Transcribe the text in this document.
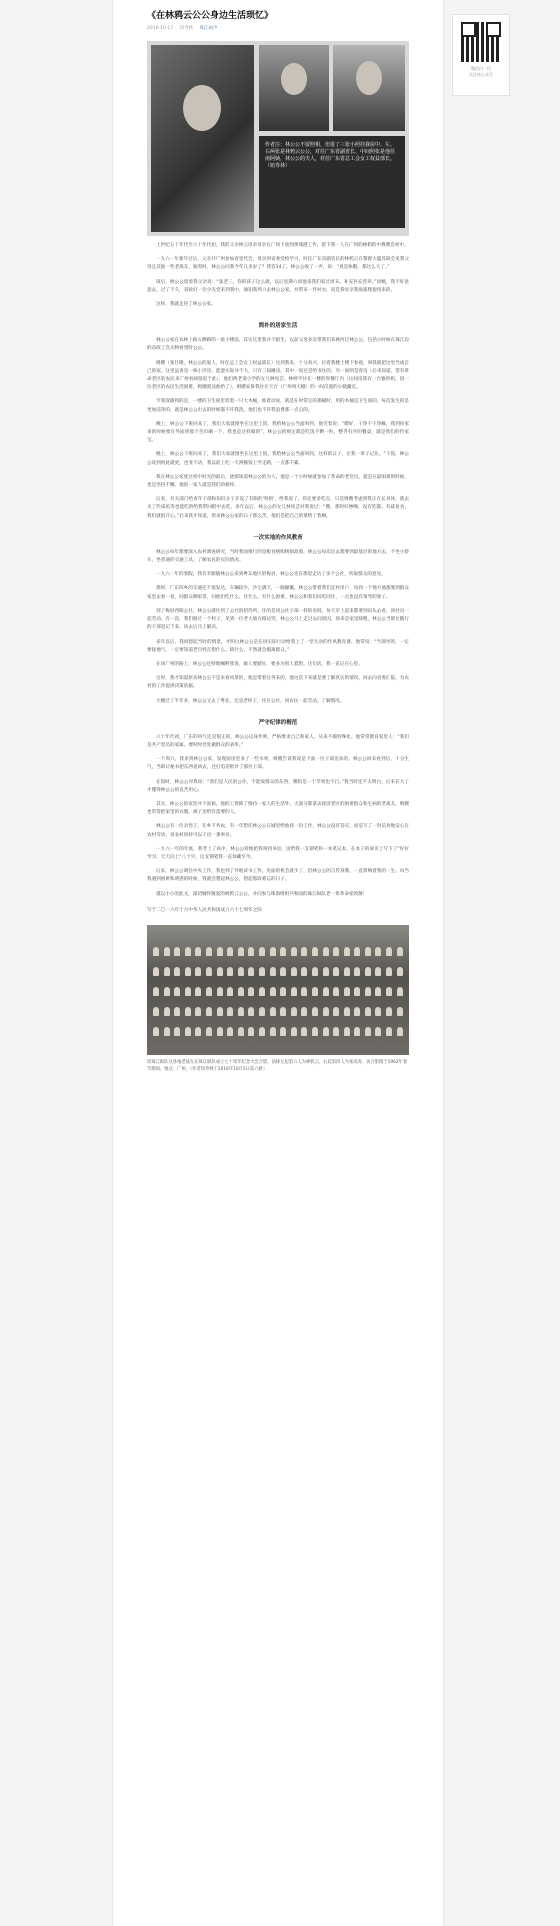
《在林鸦云公公身边生活琐忆》
2016-10-17 钮寿林 珠江画声
作者注：林公公不留照相，但进了三张小照挂我屋中。左、右两张是林鸦云公公，对任广东省副省长、中间照张是他任南阿姨，林公公的夫人，对任广东省总工会女工权益部长。（钮寿林）

上世纪五十年代至六十年代初，我的父亲林云母亲母亲在广州下放到黄埔港工作，留下我一人在广州的林鸦的中教教会初中。

一九六一年新年过后，父亲开广州参加省党代会，母亲到省委党校学习，时任广东省副省长的林鸦云在黎群大厦苏联会见我父母且其他一些老战友，脑突时，林公公问我今年几多岁了？我答14了，林公公收了一声，说：“真是休暇，都这么大了。”

饭后，林公公留着我父亲说：“张老三，你的孩子这么做，以后星期六同他来我们家过周末，补充补充营养。”同她，我不好意思去，过了不久，省政府一位少先党来到我中，通知我周六去林公公家，并带来一件衬衣，说是我母亲我海浦爬抱用来的。

这样，我就走进了林公公家。

简朴的居家生活

林公公家在农林上路五横路的一座小楼前，其实这里我并不陌生，以前父母多次带我们来林西过林公公，包括小时候在珠江边的省政工会关物看望时公公。

姆嫂（张仕隆，林公公的爱人，时任总工会女工权益部长）这到我来，十分高兴，拉着我楼上楼下参观，叫我就把这里当成自己的家。这里虽说是一栋小洋房，能蛮实际并不大，只有三间睡房，其中一间还是给书住的，另一间则是客房（后来知道，常有革命老区的农民来广州看病留宿于此），他们两老请小学的女儿林宛芸、林婷平住在一楼的厚餐厅内（这间房算有一台锥机机，因一位老区的农民生活困难，姆嫂就送他给了），姆嫂安排我住在天台（广州叫天棚）的一间仅置的小储藏室。

令我深感到的是，一楼的卫生间里装着一只大木桶，推着动说，就是在时常定的那桶时，用的木桶是卫生间的，每次发生的是更加洁净的，就是林公公出去的时候都不许我洗，他们也不许我浪费那一点点的。

晚上，林公公下班回来了，我们大家就围坐在这里上饭，我给林公公当面叫到，他笑着说：“嗯好，干净不干净嘛，我到你家来的时候要在外面将那个毛巾刷一下，我也是这样做的”。林公公的规定就是吃饭不剩一粒，整齐有序的餐桌，就是我们的传家宝。

晚上，林公公下班回来了，我们大家就围坐在这里上饭，我给林公公当面叫到，这样的日子，让我一辈子记住。“干饭，林公公说到初此就更，也变不动，我以前上吃一天两顿饭上学走路，一点都不累。

我在林公公家度过初中时光的最后，逐渐知道林公公的为人，他是一个小时候就参加了革命的老党员，就是在最困难的时候，也是坚持不懈，他的一家人就是我们的榜样。

后来，有关部门给青年干部和知识分子开设了有限的'特供'，给我说了，你还要多吃点，只是姆嫂考虑到我正在长身体，就去买了些咸鱼等也能吃的给我带回附中去吃，多年以后，林公公的女儿林宛芸对我说过：“嫂，那时好惨啊，没有吃都，有咸鱼食，我们就很开心。”后来我才知道，原来林公公家的日子那么苦，他们是把自己的菜给了我啊。

一次实地的作风教育

林公公每年都要深入农村调查研究，当时我国推行的是粮食统购统销政策，林公公每次出去都要到最基层的地方去，不坐小轿车，坐普通的交通工具，了解农民的实际情况。

一九六一年的暑假，我有幸跟随林公公来到粤东地区的梅县，林公公先在那里走访了多个公社，听取群众的意见。

那时，广东四乡的交通还不很发达，车辆较少，沙尘满天，一路颠簸。林公公带着我们走村串户，每到一个地方他都要到群众家里去看一看，同群众聊家常，问他们吃什么、住什么，有什么困难。林公公和我们同吃同住，一点也没有领导的架子。

到了梅县西阳公社，林公公就住到了公社的招待所，住的是同公社干部一样的房间，每天早上起来都要到田头去看，同社员一起劳动。有一次，我们路过一个村子，见到一位老大娘在路边哭，林公公马上走过去问原因，原来是家里缺粮，林公公当即让随行的干部登记下来，回去后马上解决。

多年以后，我回想起当时的情景，才明白林公公是在用实际行动给我上了一堂生动的作风教育课。他常说：“当领导的，一定要接地气，一定要知道老百姓在想什么、缺什么，不然就会脱离群众。”

在回广州的路上，林公公还特地嘱咐我说，做人要踏实，要多为别人着想。这句话，我一直记在心里。

这时，我才知道原来林公公不是来看风景的，他是带着任务来的，他这次下来就是要了解真实的情况，回去向省委汇报，为农村的工作提供决策依据。

大概过了半年多，林公公又去了粤北，还是老样子，住在公社，同农民一起劳动，了解情况。

严守纪律的楷范

六十年代初，广东的风气还是很正的，林公公以身作则，严格要求自己和家人，从来不搞特殊化。他常常教育家里人：“我们是共产党员的家属，要时时处处做群众的表率。”

一个周六，我来到林公公家，发现厨房里多了一些水果，姆嫂告诉我说是下面一位干部送来的。林公公回来看到后，十分生气，当即让秘书把东西退回去，还打电话批评了那位干部。

在饭时，林公公对我说：“我们是人民的公仆，不能收群众的东西，哪怕是一个苹果也不行。”我当时还不太明白，后来长大了才懂得林公公的良苦用心。

其实，林公公的家里并不富裕，他的工资除了维持一家人的生活外，大部分都拿去接济老区的困难群众和生病的老战友。姆嫂也常常把家里的衣服、被子送给有需要的人。

林公公有一位亲侄子，在乡下务农，有一年想托林公公在城里给他找一份工作，林公公没有答应，而是写了一封信劝他安心在农村劳动，说农村同样可以干出一番事业。

一九六一年的年底，我考上了高中，林公公特地把我叫到书房，送给我一支钢笔和一本笔记本，在本子的扉页上写下了“好好学习，天天向上”八个字。这支钢笔我一直珍藏至今。

后来，林公公调任中央工作，我也到了外地读书工作，见面的机会就少了，但林公公的言传身教，一直影响着我的一生。每当我遇到困难和诱惑的时候，我就会想起林公公，想起那段难忘的日子。

谨以小小的此文，深切缅怀敬爱的林鸦云公公，并向参与珠海组织共和国的珠江纵队老一辈革命家致敬！

写于二〇一六年十月中华人民共和国成立六十七周年之际

原珠江纵队及各地老战友在珠江纵队成立七十周年纪念大会合影，前排左起第六人为林鸦云，右起第四人为张成涛，该合影摄于1962年春节期间。地点：广州。（作者钮寿林于2016年10月5日第六排）

微信扫一扫
关注该公众号
